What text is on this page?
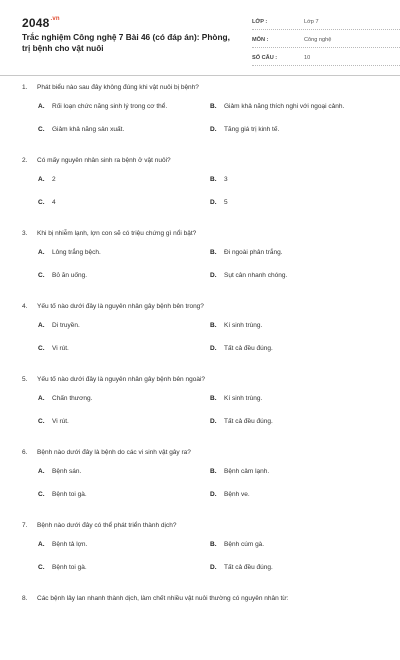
$2048^{.vn}$
Trắc nghiệm Công nghệ 7 Bài 46 (có đáp án): Phòng, trị bệnh cho vật nuôi
LỚP :	Lớp 7
MÔN :	Công nghệ
SỐ CÂU :	10
1. Phát biểu nào sau đây không đúng khi vật nuôi bị bệnh?
A. Rối loạn chức năng sinh lý trong cơ thể.	B. Giảm khả năng thích nghi với ngoại cảnh.
C. Giảm khả năng sản xuất.	D. Tăng giá trị kinh tế.
2. Có mấy nguyên nhân sinh ra bệnh ở vật nuôi?
A. 2	B. 3
C. 4	D. 5
3. Khi bị nhiễm lạnh, lợn con sẽ có triệu chứng gì nổi bật?
A. Lông trắng bệch.	B. Đi ngoài phân trắng.
C. Bỏ ăn uống.	D. Sụt cân nhanh chóng.
4. Yếu tố nào dưới đây là nguyên nhân gây bệnh bên trong?
A. Di truyền.	B. Kí sinh trùng.
C. Vi rút.	D. Tất cả đều đúng.
5. Yếu tố nào dưới đây là nguyên nhân gây bệnh bên ngoài?
A. Chấn thương.	B. Kí sinh trùng.
C. Vi rút.	D. Tất cả đều đúng.
6. Bệnh nào dưới đây là bệnh do các vi sinh vật gây ra?
A. Bệnh sán.	B. Bệnh cảm lạnh.
C. Bệnh toi gà.	D. Bệnh ve.
7. Bệnh nào dưới đây có thể phát triển thành dịch?
A. Bệnh tả lợn.	B. Bệnh cúm gà.
C. Bệnh toi gà.	D. Tất cả đều đúng.
8. Các bệnh lây lan nhanh thành dịch, làm chết nhiều vật nuôi thường có nguyên nhân từ:
